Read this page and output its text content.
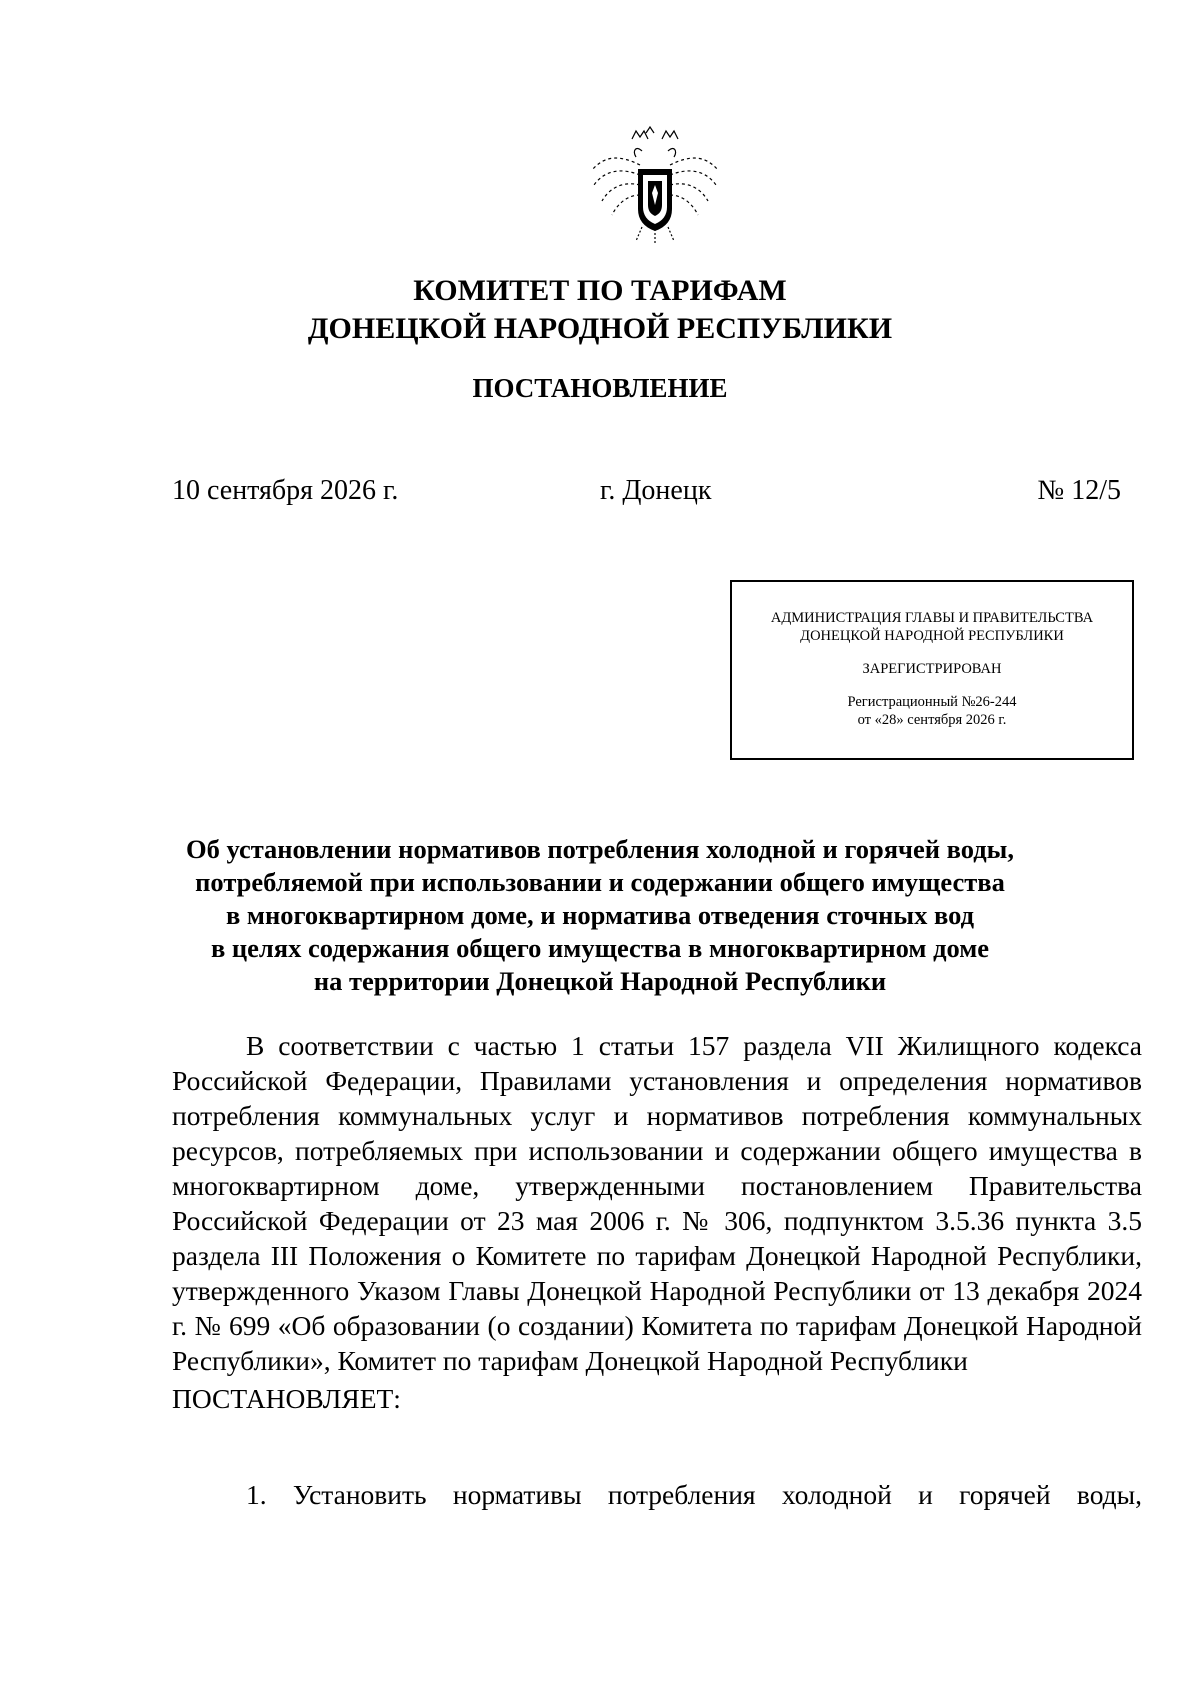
КОМИТЕТ ПО ТАРИФАМ
ДОНЕЦКОЙ НАРОДНОЙ РЕСПУБЛИКИ
ПОСТАНОВЛЕНИЕ
10 сентября 2026 г.	г. Донецк	№ 12/5
АДМИНИСТРАЦИЯ ГЛАВЫ И ПРАВИТЕЛЬСТВА
ДОНЕЦКОЙ НАРОДНОЙ РЕСПУБЛИКИ
ЗАРЕГИСТРИРОВАН
Регистрационный №26-244
от «28» сентября 2026 г.
Об установлении нормативов потребления холодной и горячей воды,
потребляемой при использовании и содержании общего имущества
в многоквартирном доме, и норматива отведения сточных вод
в целях содержания общего имущества в многоквартирном доме
на территории Донецкой Народной Республики
В соответствии с частью 1 статьи 157 раздела VII Жилищного кодекса Российской Федерации, Правилами установления и определения нормативов потребления коммунальных услуг и нормативов потребления коммунальных ресурсов, потребляемых при использовании и содержании общего имущества в многоквартирном доме, утвержденными постановлением Правительства Российской Федерации от 23 мая 2006 г. № 306, подпунктом 3.5.36 пункта 3.5 раздела III Положения о Комитете по тарифам Донецкой Народной Республики, утвержденного Указом Главы Донецкой Народной Республики от 13 декабря 2024 г. № 699 «Об образовании (о создании) Комитета по тарифам Донецкой Народной Республики», Комитет по тарифам Донецкой Народной Республики
ПОСТАНОВЛЯЕТ:
1. Установить нормативы потребления холодной и горячей воды,
